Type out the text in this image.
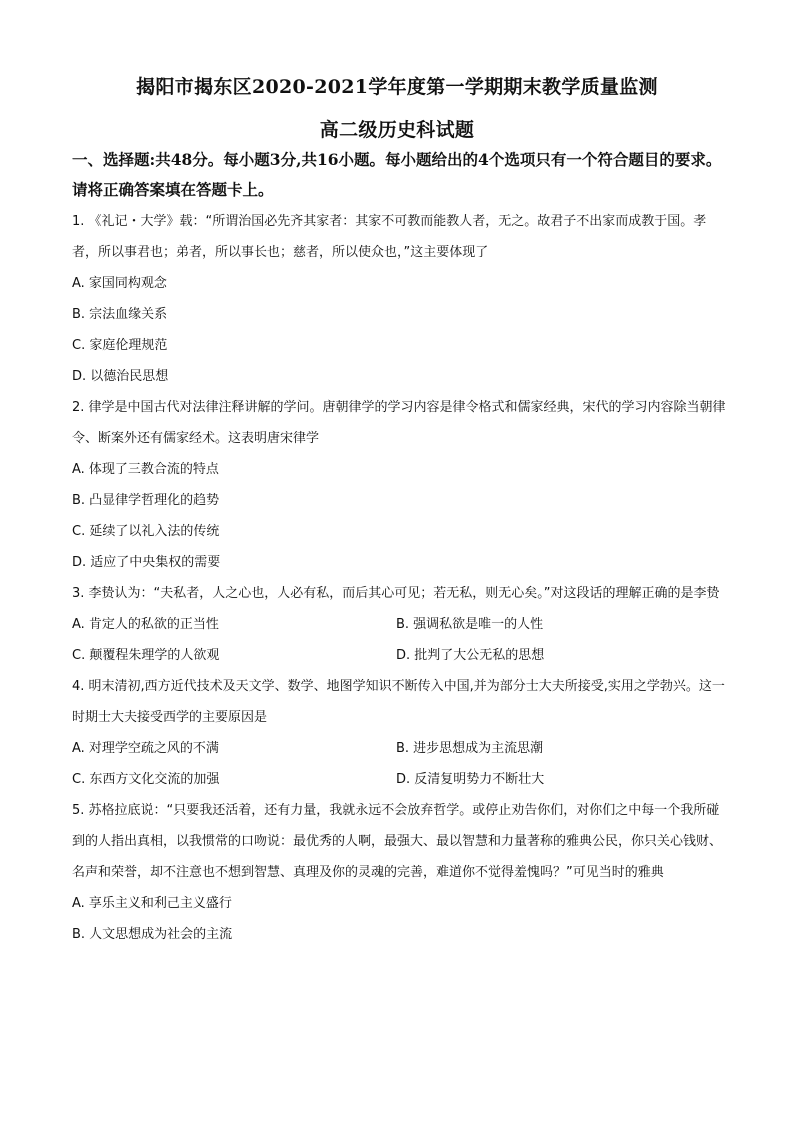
揭阳市揭东区2020-2021学年度第一学期期末教学质量监测
高二级历史科试题
一、选择题:共48分。每小题3分,共16小题。每小题给出的4个选项只有一个符合题目的要求。请将正确答案填在答题卡上。

1. 《礼记・大学》载：“所谓治国必先齐其家者：其家不可教而能教人者，无之。故君子不出家而成教于国。孝者，所以事君也；弟者，所以事长也；慈者，所以使众也，”这主要体现了

A. 家国同构观念

B. 宗法血缘关系

C. 家庭伦理规范

D. 以德治民思想

2. 律学是中国古代对法律注释讲解的学问。唐朝律学的学习内容是律令格式和儒家经典，宋代的学习内容除当朝律令、断案外还有儒家经术。这表明唐宋律学

A. 体现了三教合流的特点

B. 凸显律学哲理化的趋势

C. 延续了以礼入法的传统

D. 适应了中央集权的需要

3. 李贽认为：“夫私者，人之心也，人必有私，而后其心可见；若无私，则无心矣。”对这段话的理解正确的是李贽

A. 肯定人的私欲的正当性	B. 强调私欲是唯一的人性

C. 颠覆程朱理学的人欲观	D. 批判了大公无私的思想

4. 明末清初,西方近代技术及天文学、数学、地图学知识不断传入中国,并为部分士大夫所接受,实用之学勃兴。这一时期士大夫接受西学的主要原因是

A. 对理学空疏之风的不满	B. 进步思想成为主流思潮

C. 东西方文化交流的加强	D. 反清复明势力不断壮大

5. 苏格拉底说：“只要我还活着，还有力量，我就永远不会放弃哲学。或停止劝告你们，对你们之中每一个我所碰到的人指出真相，以我惯常的口吻说：最优秀的人啊，最强大、最以智慧和力量著称的雅典公民，你只关心钱财、名声和荣誉，却不注意也不想到智慧、真理及你的灵魂的完善，难道你不觉得羞愧吗？”可见当时的雅典

A. 享乐主义和利己主义盛行

B. 人文思想成为社会的主流
